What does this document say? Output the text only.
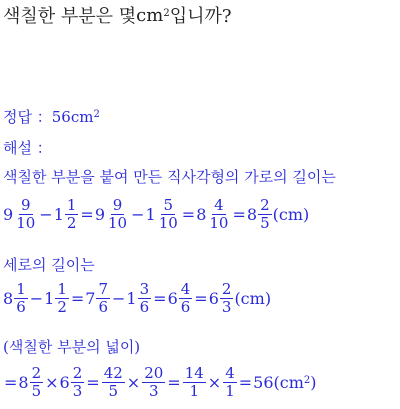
색칠한 부분은 몇 $cm^2$ 입니까?
정답 ： 56 $cm^2$
해설 ：
색칠한 부분을 붙여 만든 직사각형의 가로의 길이는
$9 \frac{9}{10} - 1 \frac{1}{2} = 9 \frac{9}{10} - 1 \frac{5}{10} = 8 \frac{4}{10} = 8 \frac{2}{5} (cm)$
세로의 길이는
$8 \frac{1}{6} - 1 \frac{1}{2} = 7 \frac{7}{6} - 1 \frac{3}{6} = 6 \frac{4}{6} = 6 \frac{2}{3} (cm)$
(색칠한 부분의 넓이)
= $8 \frac{2}{5} \times 6 \frac{2}{3} = \frac{42}{5} \times \frac{20}{3} = \frac{14}{1} \times \frac{4}{1} = 56(cm^2$ )
